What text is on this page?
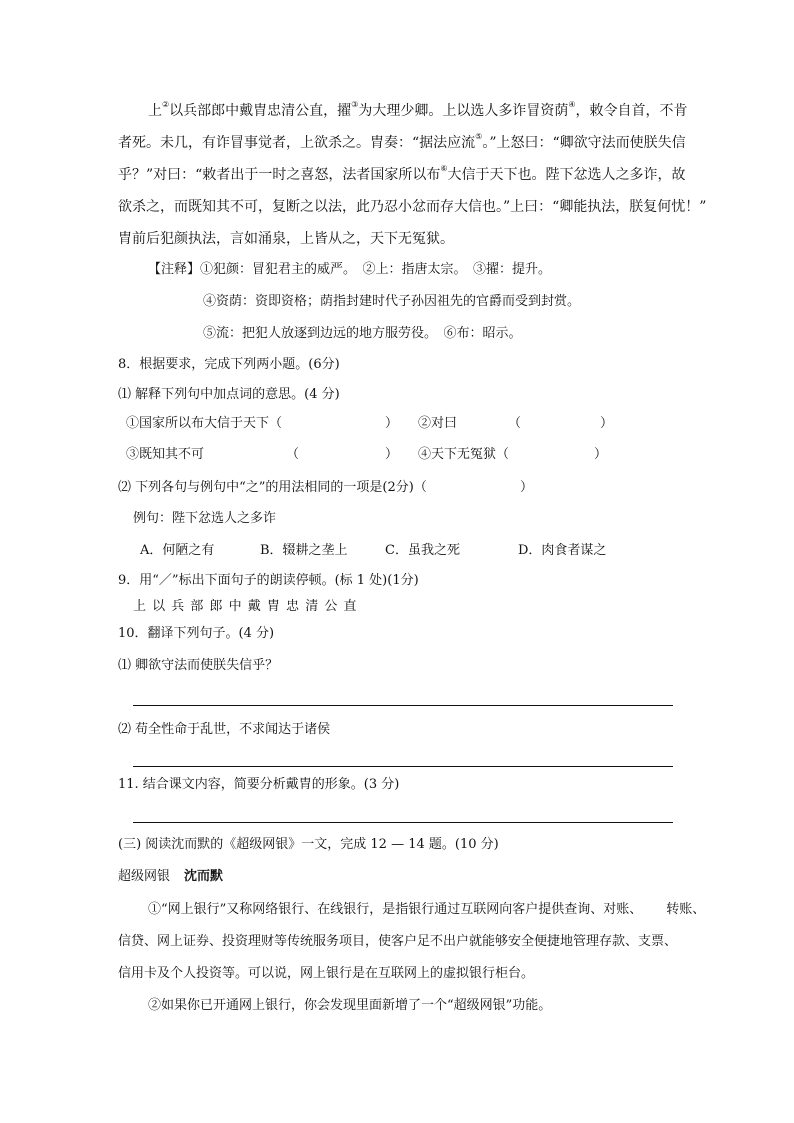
上②以兵部郎中戴胄忠清公直，擢③为大理少卿。上以选人多诈冒资荫④，敕令自首，不肯
者死。未几，有诈冒事觉者，上欲杀之。胄奏：“据法应流⑤。”上怒曰：“卿欲守法而使朕失信
乎？”对曰：“敕者出于一时之喜怒，法者国家所以布⑥大信于天下也。陛下忿选人之多诈，故
欲杀之，而既知其不可，复断之以法，此乃忍小忿而存大信也。”上曰：“卿能执法，朕复何忧！”
胄前后犯颜执法，言如涌泉，上皆从之，天下无冤狱。
【注释】①犯颜：冒犯君主的威严。　②上：指唐太宗。　③擢：提升。
④资荫：资即资格；荫指封建时代子孙因祖先的官爵而受到封赏。
⑤流：把犯人放逐到边远的地方服劳役。　⑥布：昭示。
8．根据要求，完成下列两小题。(6分)
⑴ 解释下列句中加点词的意思。(4 分)
①国家所以布大信于天下（	） ②对曰	（	）
③既知其不可	（	） ④天下无冤狱（	）
⑵ 下列各句与例句中“之”的用法相同的一项是(2分)（	）
例句：陛下忿选人之多诈
A．何陋之有	B．辍耕之垄上	C．虽我之死	D．肉食者谋之
9．用“／”标出下面句子的朗读停顿。(标 1 处)(1分)
上 以 兵 部 郎 中 戴 胄 忠 清 公 直
10．翻译下列句子。(4 分)
⑴ 卿欲守法而使朕失信乎？
⑵ 苟全性命于乱世，不求闻达于诸侯
11. 结合课文内容，简要分析戴胄的形象。(3 分)
(三) 阅读沈而默的《超级网银》一文，完成 12 — 14 题。(10 分)
超级网银 沈而默
①“网上银行”又称网络银行、在线银行，是指银行通过互联网向客户提供查询、对账、 转账、
信贷、网上证券、投资理财等传统服务项目，使客户足不出户就能够安全便捷地管理存款、支票、
信用卡及个人投资等。可以说，网上银行是在互联网上的虚拟银行柜台。
②如果你已开通网上银行，你会发现里面新增了一个“超级网银”功能。
